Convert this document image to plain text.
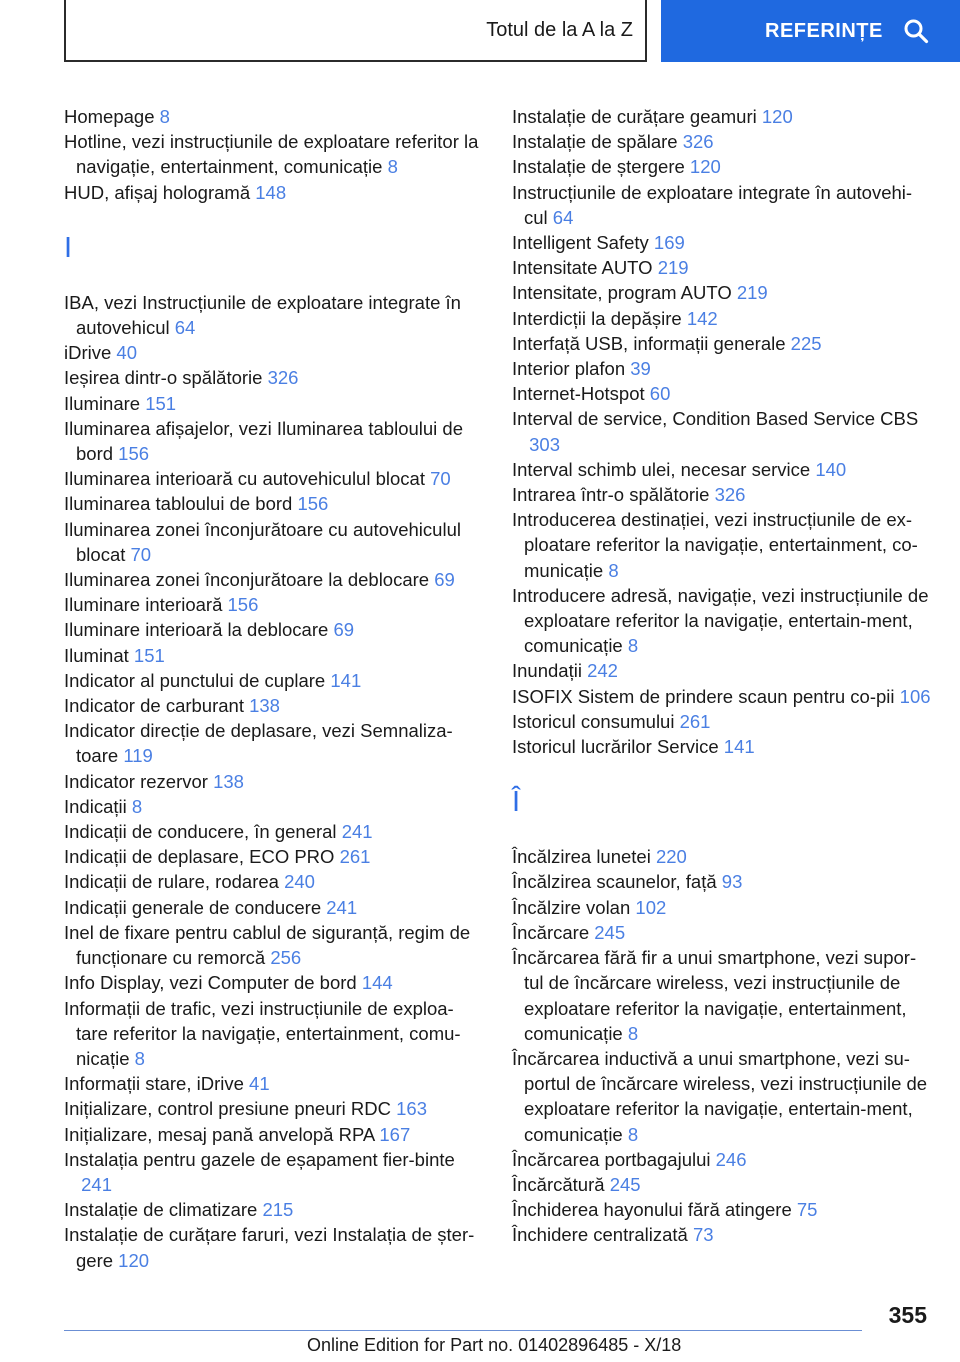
Totul de la A la Z	REFERINȚE

Homepage 8

Hotline, vezi instrucțiunile de exploatare referitor la navigație, entertainment, comunicație 8

HUD, afișaj hologramă 148

I

IBA, vezi Instrucțiunile de exploatare integrate în autovehicul 64

iDrive 40

Ieșirea dintr-o spălătorie 326

Iluminare 151

Iluminarea afișajelor, vezi Iluminarea tabloului de bord 156

Iluminarea interioară cu autovehiculul blocat 70

Iluminarea tabloului de bord 156

Iluminarea zonei înconjurătoare cu autovehiculul blocat 70

Iluminarea zonei înconjurătoare la deblocare 69

Iluminare interioară 156

Iluminare interioară la deblocare 69

Iluminat 151

Indicator al punctului de cuplare 141

Indicator de carburant 138

Indicator direcție de deplasare, vezi Semnaliza-toare 119

Indicator rezervor 138

Indicații 8

Indicații de conducere, în general 241

Indicații de deplasare, ECO PRO 261

Indicații de rulare, rodarea 240

Indicații generale de conducere 241

Inel de fixare pentru cablul de siguranță, regim de funcționare cu remorcă 256

Info Display, vezi Computer de bord 144

Informații de trafic, vezi instrucțiunile de exploa-tare referitor la navigație, entertainment, comu-nicație 8

Informații stare, iDrive 41

Inițializare, control presiune pneuri RDC 163

Inițializare, mesaj pană anvelopă RPA 167

Instalația pentru gazele de eșapament fier-binte 241

Instalație de climatizare 215

Instalație de curățare faruri, vezi Instalația de șter-gere 120

Instalație de curățare geamuri 120

Instalație de spălare 326

Instalație de ștergere 120

Instrucțiunile de exploatare integrate în autovehi-cul 64

Intelligent Safety 169

Intensitate AUTO 219

Intensitate, program AUTO 219

Interdicții la depășire 142

Interfață USB, informații generale 225

Interior plafon 39

Internet-Hotspot 60

Interval de service, Condition Based Service CBS 303

Interval schimb ulei, necesar service 140

Intrarea într-o spălătorie 326

Introducerea destinației, vezi instrucțiunile de ex-ploatare referitor la navigație, entertainment, co-municație 8

Introducere adresă, navigație, vezi instrucțiunile de exploatare referitor la navigație, entertain-ment, comunicație 8

Inundații 242

ISOFIX Sistem de prindere scaun pentru co-pii 106

Istoricul consumului 261

Istoricul lucrărilor Service 141

Î

Încălzirea lunetei 220

Încălzirea scaunelor, față 93

Încălzire volan 102

Încărcare 245

Încărcarea fără fir a unui smartphone, vezi supor-tul de încărcare wireless, vezi instrucțiunile de exploatare referitor la navigație, entertainment, comunicație 8

Încărcarea inductivă a unui smartphone, vezi su-portul de încărcare wireless, vezi instrucțiunile de exploatare referitor la navigație, entertain-ment, comunicație 8

Încărcarea portbagajului 246

Încărcătură 245

Închiderea hayonului fără atingere 75

Închidere centralizată 73

355
Online Edition for Part no. 01402896485 - X/18
